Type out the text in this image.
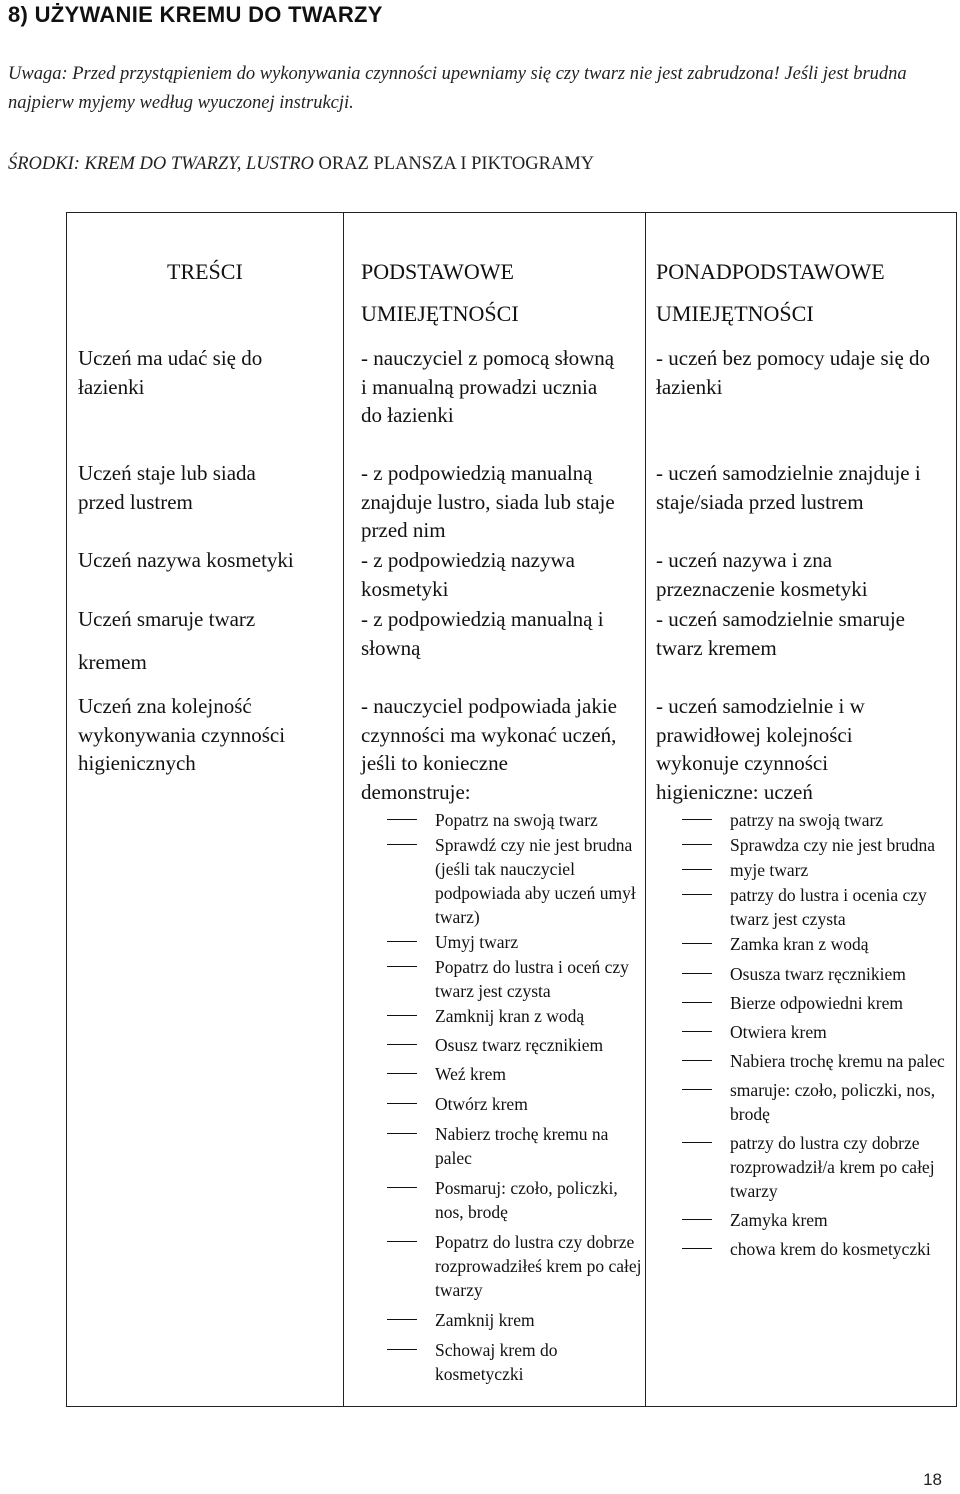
8) UŻYWANIE KREMU DO TWARZY
Uwaga: Przed przystąpieniem do wykonywania czynności upewniamy się czy twarz nie jest zabrudzona! Jeśli jest brudna najpierw myjemy według wyuczonej instrukcji.
ŚRODKI: KREM DO TWARZY, LUSTRO ORAZ PLANSZA I PIKTOGRAMY
TREŚCI	PODSTAWOWE
UMIEJĘTNOŚCI
PONADPODSTAWOWE
UMIEJĘTNOŚCI
Uczeń ma udać się do łazienki
Uczeń staje lub siada przed lustrem
Uczeń nazywa kosmetyki
Uczeń smaruje twarz
kremem
Uczeń zna kolejność wykonywania czynności higienicznych
- nauczyciel z pomocą słowną i manualną prowadzi ucznia do łazienki
- z podpowiedzią manualną znajduje lustro, siada lub staje przed nim
- z podpowiedzią nazywa kosmetyki
- z podpowiedzią manualną i słowną
- nauczyciel podpowiada jakie czynności ma wykonać uczeń, jeśli to konieczne demonstruje:
Popatrz na swoją twarz
Sprawdź czy nie jest brudna (jeśli tak nauczyciel podpowiada aby uczeń umył twarz)
Umyj twarz
Popatrz do lustra i oceń czy twarz jest czysta
Zamknij kran z wodą
Osusz twarz ręcznikiem
Weź krem
Otwórz krem
Nabierz trochę kremu na palec
Posmaruj: czoło, policzki, nos, brodę
Popatrz do lustra czy dobrze rozprowadziłeś krem po całej twarzy
Zamknij krem
Schowaj krem do kosmetyczki
- uczeń bez pomocy udaje się do łazienki
- uczeń samodzielnie znajduje i staje/siada przed lustrem
- uczeń nazywa i zna przeznaczenie kosmetyki
- uczeń samodzielnie smaruje twarz kremem
- uczeń samodzielnie i w prawidłowej kolejności wykonuje czynności higieniczne: uczeń
patrzy na swoją twarz
Sprawdza czy nie jest brudna
myje twarz
patrzy do lustra i ocenia czy twarz jest czysta
Zamka kran z wodą
Osusza twarz ręcznikiem
Bierze odpowiedni krem
Otwiera krem
Nabiera trochę kremu na palec
smaruje: czoło, policzki, nos, brodę
patrzy do lustra czy dobrze rozprowadził/a krem po całej twarzy
Zamyka krem
chowa krem do kosmetyczki
18
